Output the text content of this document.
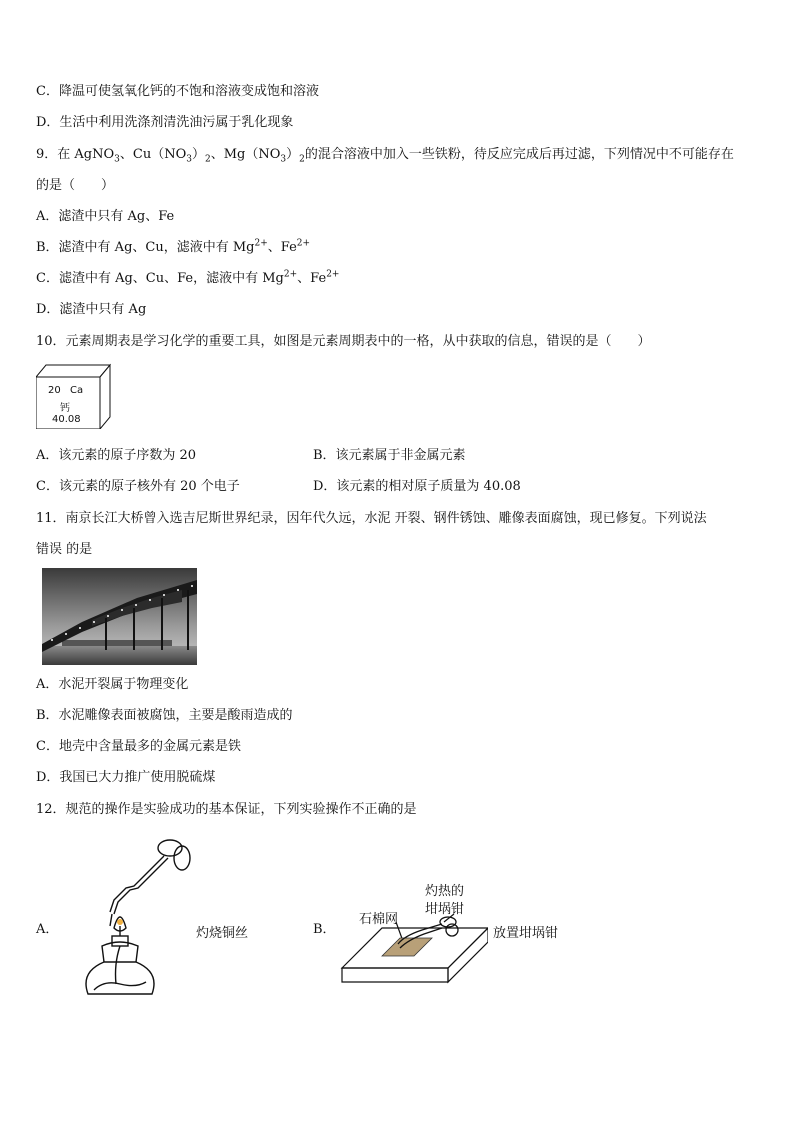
C．降温可使氢氧化钙的不饱和溶液变成饱和溶液
D．生活中利用洗涤剂清洗油污属于乳化现象
9．在 AgNO$_3$、$Cu(NO_3)_2$、$Mg(NO_3)_2$的混合溶液中加入一些铁粉，待反应完成后再过滤，下列情况中不可能存在
的是（　　）
A．滤渣中只有 Ag、Fe
B．滤渣中有 Ag、Cu，滤液中有 $Mg^{2+}$、$Fe^{2+}$
C．滤渣中有 Ag、Cu、Fe，滤液中有 $Mg^{2+}$、$Fe^{2+}$
D．滤渣中只有 Ag
10．元素周期表是学习化学的重要工具，如图是元素周期表中的一格，从中获取的信息，错误的是（　　）
20 Ca
钙
40.08
A．该元素的原子序数为 20	B．该元素属于非金属元素
C．该元素的原子核外有 20 个电子	D．该元素的相对原子质量为 40.08
11．南京长江大桥曾入选吉尼斯世界纪录，因年代久远，水泥 开裂、钢件锈蚀、雕像表面腐蚀，现已修复。下列说法
错误 的是
A．水泥开裂属于物理变化
B．水泥雕像表面被腐蚀，主要是酸雨造成的
C．地壳中含量最多的金属元素是铁
D．我国已大力推广使用脱硫煤
12．规范的操作是实验成功的基本保证，下列实验操作不正确的是
A．	灼烧铜丝	B．
灼热的
坩埚钳
石棉网
放置坩埚钳
